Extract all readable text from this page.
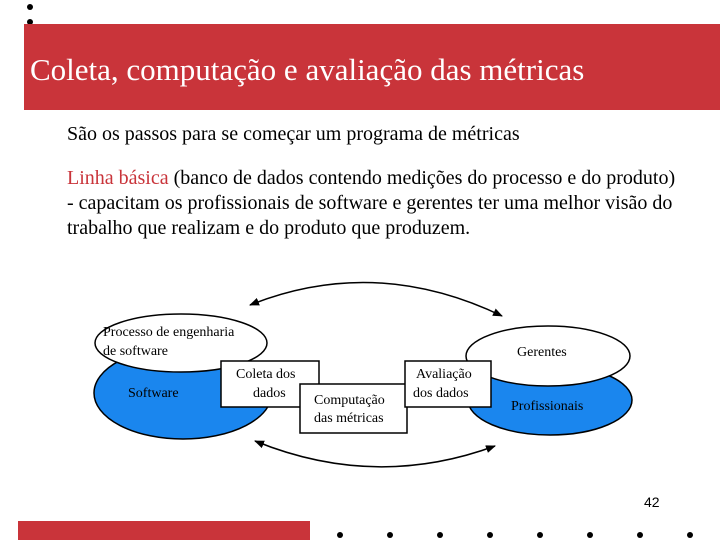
Coleta, computação e avaliação das métricas
São os passos para se começar um programa de métricas
Linha básica (banco de dados contendo medições do processo e do produto) - capacitam os profissionais de software e gerentes ter uma melhor visão do trabalho que realizam e do produto que produzem.
Processo de engenharia
de software
Software
Coleta dos
dados Computação
das métricas
Avaliação
dos dados
Gerentes
Profissionais
42
